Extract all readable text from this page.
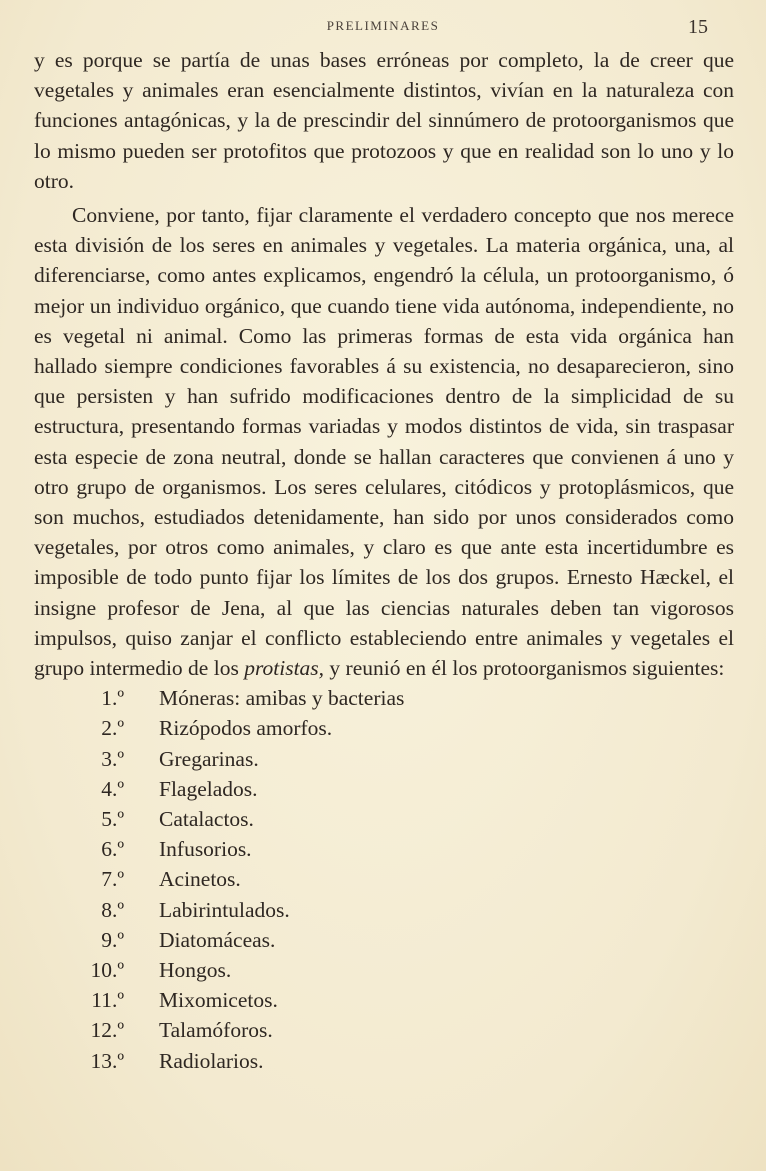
PRELIMINARES	15

y es porque se partía de unas bases erróneas por completo, la de creer que vegetales y animales eran esencialmente distintos, vivían en la naturaleza con funciones antagónicas, y la de prescindir del sinnúmero de protoorganismos que lo mismo pueden ser protofitos que protozoos y que en realidad son lo uno y lo otro.

Conviene, por tanto, fijar claramente el verdadero concepto que nos merece esta división de los seres en animales y vegetales. La materia orgánica, una, al diferenciarse, como antes explicamos, engendró la célula, un protoorganismo, ó mejor un individuo orgánico, que cuando tiene vida autónoma, independiente, no es vegetal ni animal. Como las primeras formas de esta vida orgánica han hallado siempre condiciones favorables á su existencia, no desaparecieron, sino que persisten y han sufrido modificaciones dentro de la simplicidad de su estructura, presentando formas variadas y modos distintos de vida, sin traspasar esta especie de zona neutral, donde se hallan caracteres que convienen á uno y otro grupo de organismos. Los seres celulares, citódicos y protoplásmicos, que son muchos, estudiados detenidamente, han sido por unos considerados como vegetales, por otros como animales, y claro es que ante esta incertidumbre es imposible de todo punto fijar los límites de los dos grupos. Ernesto Hæckel, el insigne profesor de Jena, al que las ciencias naturales deben tan vigorosos impulsos, quiso zanjar el conflicto estableciendo entre animales y vegetales el grupo intermedio de los protistas, y reunió en él los protoorganismos siguientes:

1.º Móneras: amibas y bacterias
2.º Rizópodos amorfos.
3.º Gregarinas.
4.º Flagelados.
5.º Catalactos.
6.º Infusorios.
7.º Acinetos.
8.º Labirintulados.
9.º Diatomáceas.
10.º Hongos.
11.º Mixomicetos.
12.º Talamóforos.
13.º Radiolarios.
